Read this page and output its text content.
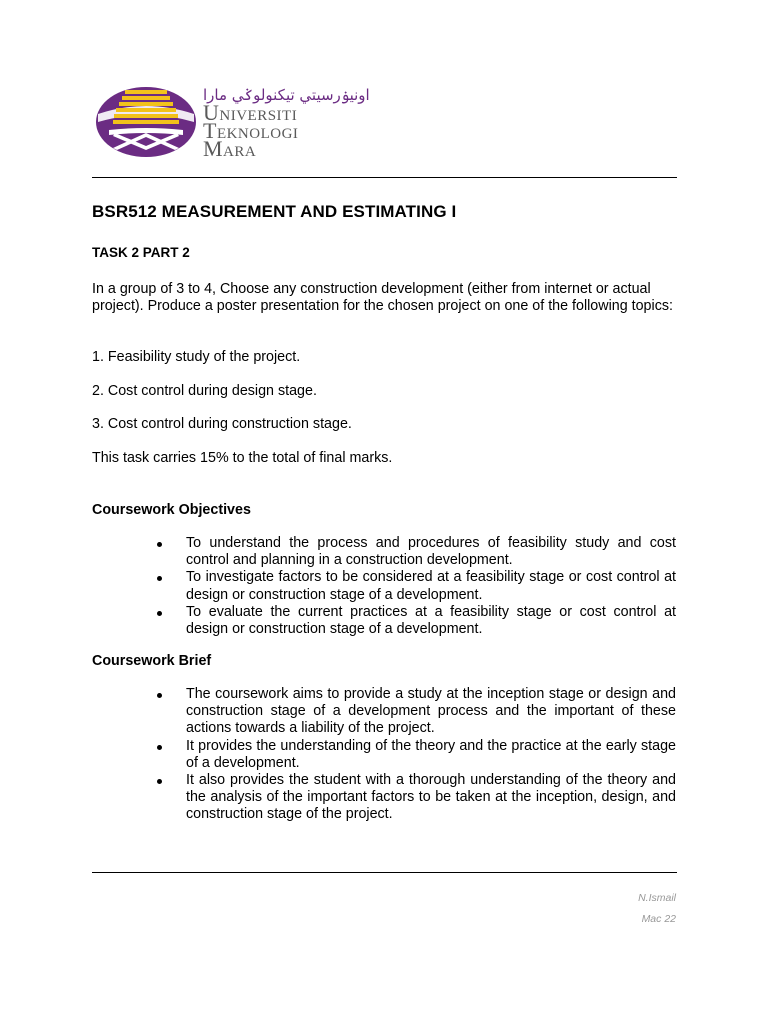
اونيۏرسيتي تيكنولوݢي مارا
Universiti
Teknologi
Mara
BSR512 MEASUREMENT AND ESTIMATING I
TASK 2 PART 2

In a group of 3 to 4, Choose any construction development (either from internet or actual project). Produce a poster presentation for the chosen project on one of the following topics:

1. Feasibility study of the project.

2. Cost control during design stage.

3. Cost control during construction stage.

This task carries 15% to the total of final marks.

Coursework Objectives
To understand the process and procedures of feasibility study and cost control and planning in a construction development.
To investigate factors to be considered at a feasibility stage or cost control at design or construction stage of a development.
To evaluate the current practices at a feasibility stage or cost control at design or construction stage of a development.
Coursework Brief
The coursework aims to provide a study at the inception stage or design and construction stage of a development process and the important of these actions towards a liability of the project.
It provides the understanding of the theory and the practice at the early stage of a development.
It also provides the student with a thorough understanding of the theory and the analysis of the important factors to be taken at the inception, design, and construction stage of the project.

N.Ismail

Mac 22
